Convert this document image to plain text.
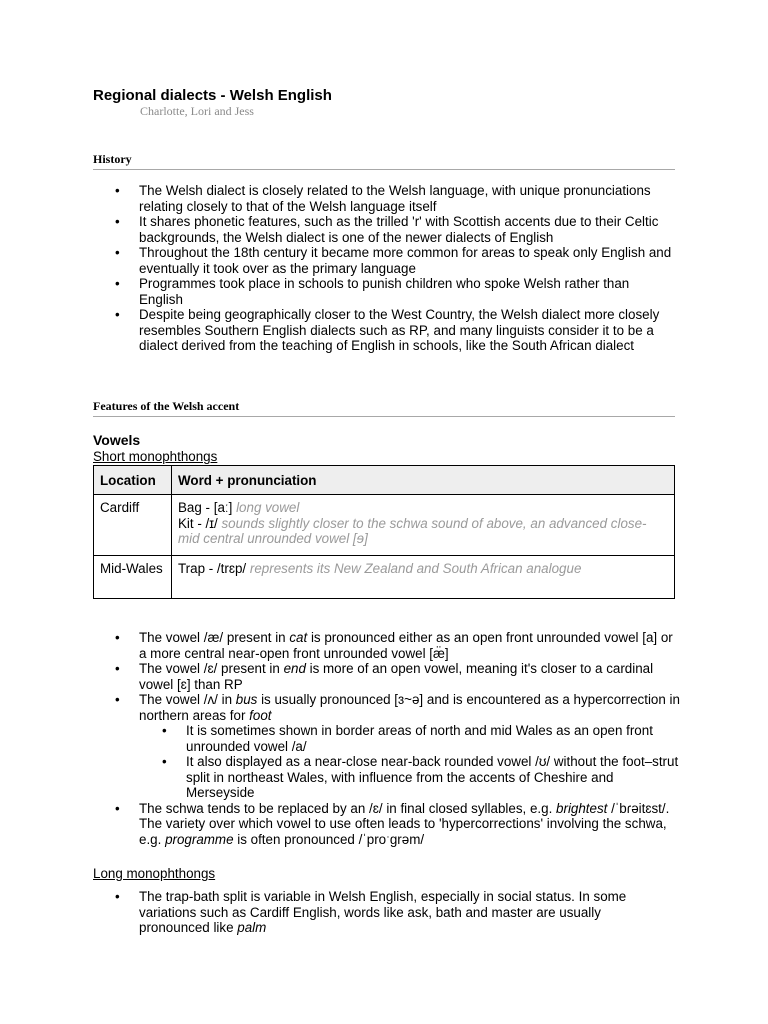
Regional dialects - Welsh English
Charlotte, Lori and Jess
History
• The Welsh dialect is closely related to the Welsh language, with unique pronunciations relating closely to that of the Welsh language itself
• It shares phonetic features, such as the trilled 'r' with Scottish accents due to their Celtic backgrounds, the Welsh dialect is one of the newer dialects of English
• Throughout the 18th century it became more common for areas to speak only English and eventually it took over as the primary language
• Programmes took place in schools to punish children who spoke Welsh rather than English
• Despite being geographically closer to the West Country, the Welsh dialect more closely resembles Southern English dialects such as RP, and many linguists consider it to be a dialect derived from the teaching of English in schools, like the South African dialect
Features of the Welsh accent
Vowels
Short monophthongs
Location	Word + pronunciation
Cardiff	Bag - [aː] long vowel
Kit - /ɪ/ sounds slightly closer to the schwa sound of above, an advanced close-mid central unrounded vowel [ɘ]
Mid-Wales	Trap - /trɛp/ represents its New Zealand and South African analogue
• The vowel /æ/ present in cat is pronounced either as an open front unrounded vowel [a] or a more central near-open front unrounded vowel [æ̈]
• The vowel /ɛ/ present in end is more of an open vowel, meaning it's closer to a cardinal vowel [ɛ] than RP
• The vowel /ʌ/ in bus is usually pronounced [ɜ~ə] and is encountered as a hypercorrection in northern areas for foot
• It is sometimes shown in border areas of north and mid Wales as an open front unrounded vowel /a/
• It also displayed as a near-close near-back rounded vowel /ʊ/ without the foot–strut split in northeast Wales, with influence from the accents of Cheshire and Merseyside
• The schwa tends to be replaced by an /ɛ/ in final closed syllables, e.g. brightest /ˈbɾəitɛst/. The variety over which vowel to use often leads to 'hypercorrections' involving the schwa, e.g. programme is often pronounced /ˈproˑɡrəm/
Long monophthongs
• The trap-bath split is variable in Welsh English, especially in social status. In some variations such as Cardiff English, words like ask, bath and master are usually pronounced like palm
